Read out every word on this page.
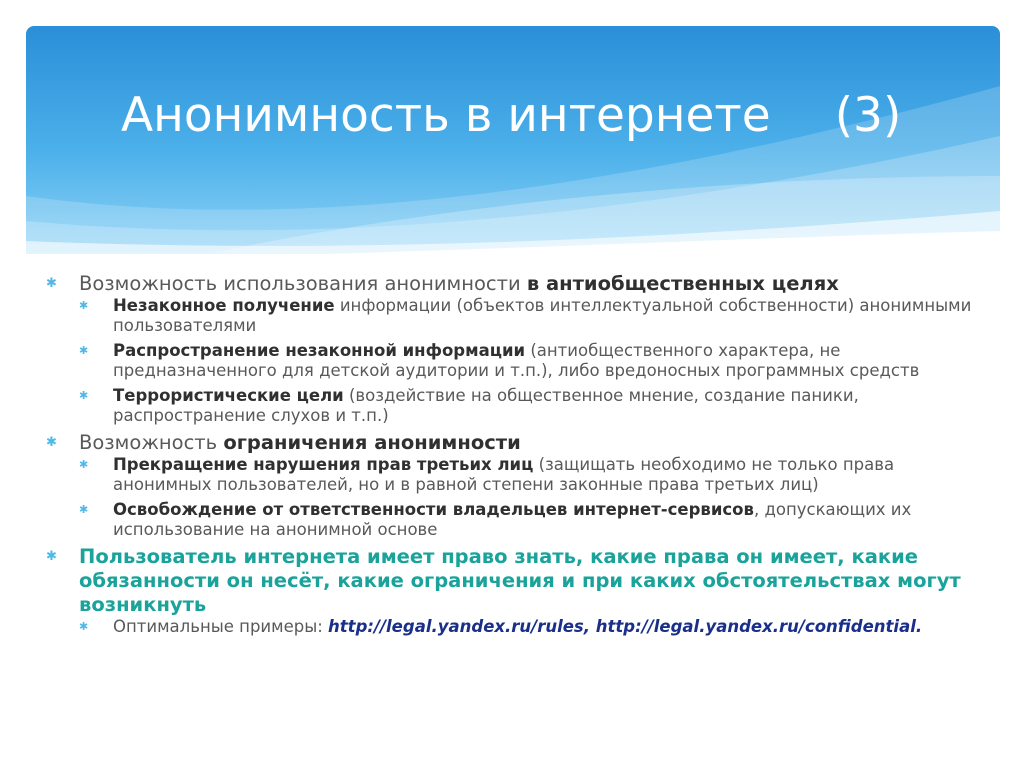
Анонимность в интернете (3)
✱ Возможность использования анонимности в антиобщественных целях
✱ Незаконное получение информации (объектов интеллектуальной собственности) анонимными пользователями
✱ Распространение незаконной информации (антиобщественного характера, не предназначенного для детской аудитории и т.п.), либо вредоносных программных средств
✱ Террористические цели (воздействие на общественное мнение, создание паники, распространение слухов и т.п.)
✱ Возможность ограничения анонимности
✱ Прекращение нарушения прав третьих лиц (защищать необходимо не только права анонимных пользователей, но и в равной степени законные права третьих лиц)
✱ Освобождение от ответственности владельцев интернет-сервисов, допускающих их использование на анонимной основе
✱ Пользователь интернета имеет право знать, какие права он имеет, какие обязанности он несёт, какие ограничения и при каких обстоятельствах могут возникнуть
✱ Оптимальные примеры: http://legal.yandex.ru/rules, http://legal.yandex.ru/confidential.
